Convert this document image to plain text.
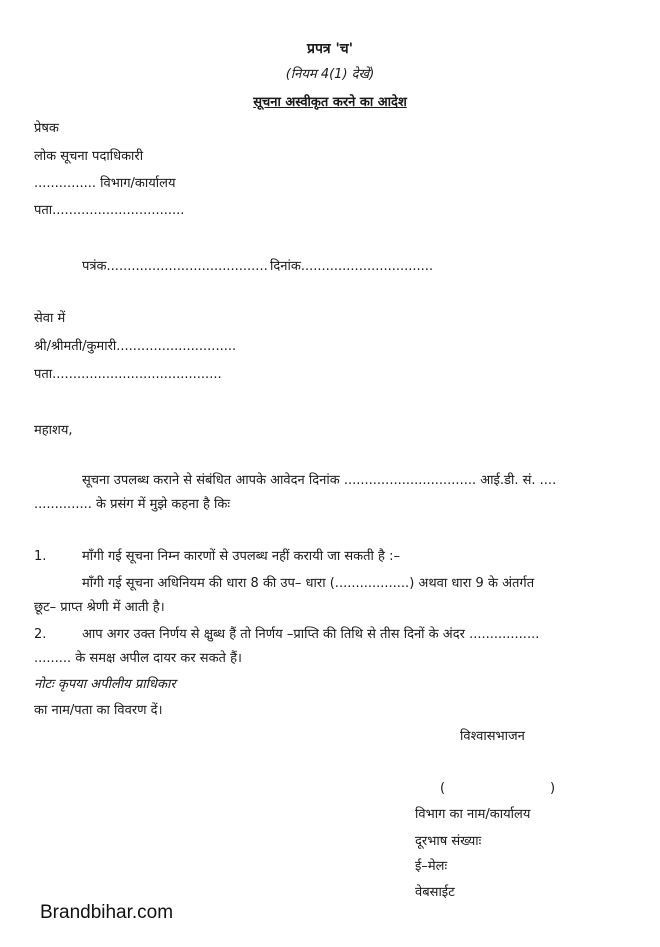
प्रपत्र 'च'
(नियम 4(1) देखें)
सूचना अस्वीकृत करने का आदेश
प्रेषक
लोक सूचना पदाधिकारी
............... विभाग/कार्यालय
पता................................
पत्रंक....................................... दिनांक................................
सेवा में
श्री/श्रीमती/कुमारी.............................
पता.........................................
महाशय,
सूचना उपलब्ध कराने से संबंधित आपके आवेदन दिनांक ................................ आई.डी. सं. ....
.............. के प्रसंग में मुझे कहना है किः
1.	माँगी गई सूचना निम्न कारणों से उपलब्ध नहीं करायी जा सकती है :–
माँगी गई सूचना अधिनियम की धारा 8 की उप– धारा (..................) अथवा धारा 9 के अंतर्गत
छूट– प्राप्त श्रेणी में आती है।
2.	आप अगर उक्त निर्णय से क्षुब्ध हैं तो निर्णय –प्राप्ति की तिथि से तीस दिनों के अंदर .................
......... के समक्ष अपील दायर कर सकते हैं।
नोटः कृपया अपीलीय प्राधिकार
का नाम/पता का विवरण दें।
विश्वासभाजन
(	)
विभाग का नाम/कार्यालय
दूरभाष संख्याः
ई–मेलः
वेबसाईट
Brandbihar.com
